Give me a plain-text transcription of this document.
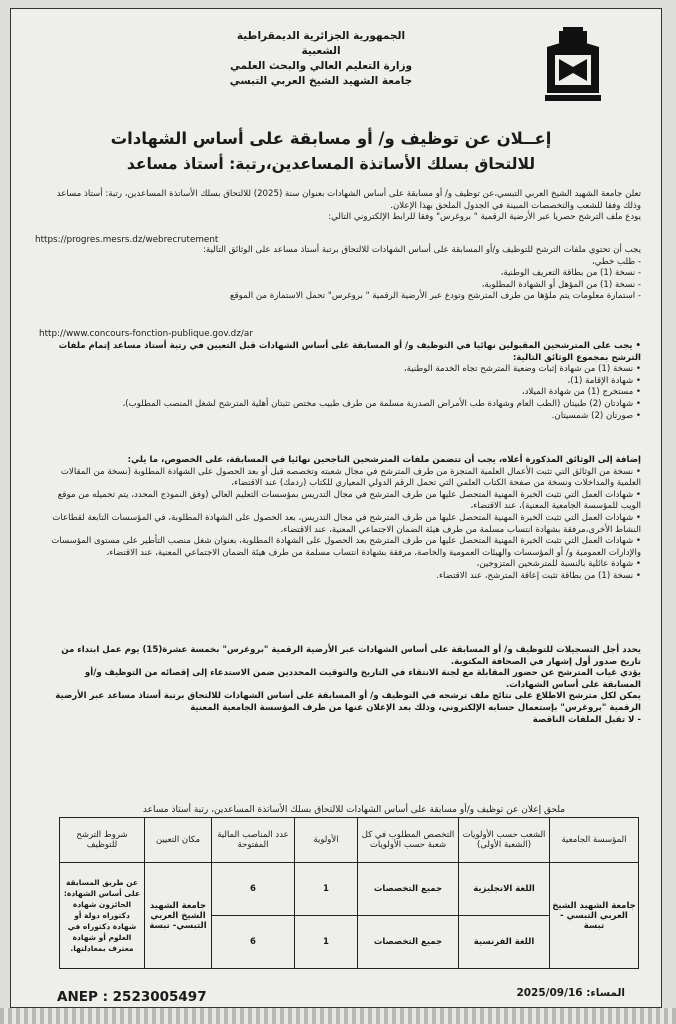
الجمهورية الجزائرية الديمقراطية الشعبية
وزارة التعليم العالي والبحث العلمي
جامعة الشهيد الشيخ العربي التبسي
إعــلان عن توظيف و/ أو مسابقة على أساس الشهادات
للالتحاق بسلك الأساتذة المساعدين،رتبة: أستاذ مساعد
تعلن جامعة الشهيد الشيخ العربي التبسي،عن توظيف و/ أو مسابقة على أساس الشهادات بعنوان سنة (2025) للالتحاق بسلك الأساتذة المساعدين، رتبة: أستاذ مساعد وذلك وفقا للشعب والتخصصات المبينة في الجدول الملحق بهذا الإعلان.
يودع ملف الترشح حصريا عبر الأرضية الرقمية " بروغرس" وفقا للرابط الإلكتروني التالي:
https://progres.mesrs.dz/webrecrutement
يجب أن تحتوي ملفات الترشح للتوظيف و/أو المسابقة على أساس الشهادات للالتحاق برتبة أستاذ مساعد على الوثائق التالية:
- طلب خطي،
- نسخة (1) من بطاقة التعريف الوطنية،
- نسخة (1) من المؤهل أو الشهادة المطلوبة،
- استمارة معلومات يتم ملؤها من طرف المترشح وتودع عبر الأرضية الرقمية " بروغرس" تحمل الاستمارة من الموقع
http://www.concours-fonction-publique.gov.dz/ar
• يجب على المترشحين المقبولين نهائيا في التوظيف و/ أو المسابقة على أساس الشهادات قبل التعيين في رتبة أستاذ مساعد إتمام ملفات الترشح بمجموع الوثائق التالية:
• نسخة (1) من شهادة إثبات وضعية المترشح تجاه الخدمة الوطنية،
• شهادة الإقامة (1)،
• مستخرج (1) من شهادة الميلاد،
• شهادتان (2) طبيتان (الطب العام وشهادة طب الأمراض الصدرية مسلمة من طرف طبيب مختص تثبتان أهلية المترشح لشغل المنصب المطلوب)،
• صورتان (2) شمسيتان.
إضافة إلى الوثائق المذكورة أعلاه، يجب أن تتضمن ملفات المترشحين الناجحين نهائيا في المسابقة، على الخصوص، ما يلي:
• نسخة من الوثائق التي تثبت الأعمال العلمية المنجزة من طرف المترشح في مجال شعبته وتخصصه قبل أو بعد الحصول على الشهادة المطلوبة (نسخة من المقالات العلمية والمداخلات ونسخة من صفحة الكتاب العلمي التي تحمل الرقم الدولي المعياري للكتاب (ردمك) عند الاقتضاء،
• شهادات العمل التي تثبت الخبرة المهنية المتحصل عليها من طرف المترشح في مجال التدريس بمؤسسات التعليم العالي (وفق النموذج المحدد، يتم تحميله من موقع الويب للمؤسسة الجامعية المعنية)، عند الاقتضاء،
• شهادات العمل التي تثبت الخبرة المهنية المتحصل عليها من طرف المترشح في مجال التدريس، بعد الحصول على الشهادة المطلوبة، في المؤسسات التابعة لقطاعات النشاط الأخرى،مرفقة بشهادة انتساب مسلمة من طرف هيئة الضمان الاجتماعي المعنية، عند الاقتضاء،
• شهادات العمل التي تثبت الخبرة المهنية المتحصل عليها من طرف المترشح بعد الحصول على الشهادة المطلوبة، بعنوان شغل منصب التأطير على مستوى المؤسسات والإدارات العمومية و/ أو المؤسسات والهيئات العمومية والخاصة، مرفقة بشهادة انتساب مسلمة من طرف هيئة الضمان الاجتماعي المعنية، عند الاقتضاء،
• شهادة عائلية بالنسبة للمترشحين المتزوجين،
• نسخة (1) من بطاقة تثبت إعاقة المترشح، عند الاقتضاء.
يحدد أجل التسجيلات للتوظيف و/ أو المسابقة على أساس الشهادات عبر الأرضية الرقمية "بروغرس" بخمسة عشرة(15) يوم عمل ابتداء من تاريخ صدور أول إشهار في الصحافة المكتوبة.
يؤدي غياب المترشح عن حضور المقابلة مع لجنة الانتقاء في التاريخ والتوقيت المحددين ضمن الاستدعاء إلى إقصائه من التوظيف و/أو المسابقة على أساس الشهادات.
يمكن لكل مترشح الاطلاع على نتائج ملف ترشحه في التوظيف و/ أو المسابقة على أساس الشهادات للالتحاق برتبة أستاذ مساعد عبر الأرضية الرقمية "بروغرس" بإستعمال حسابه الإلكتروني، وذلك بعد الإعلان عنها من طرف المؤسسة الجامعية المعنية
- لا تقبل الملفات الناقصة
ملحق إعلان عن توظيف و/أو مسابقة على أساس الشهادات للالتحاق بسلك الأساتذة المساعدين، رتبة أستاذ مساعد
المؤسسة الجامعية	الشعب حسب الأولويات (الشعبة الأولى)	التخصص المطلوب في كل شعبة حسب الأولويات	الأولوية	عدد المناصب المالية المفتوحة	مكان التعيين	شروط الترشح للتوظيف
جامعة الشهيد الشيخ العربي التبسي - تبسة	اللغة الانجليزية	جميع التخصصات	1	6	جامعة الشهيد الشيخ العربي التبسي- تبسة	عن طريق المسابقة على أساس الشهادة: الحائزون شهادة دكتوراه دولة أو شهادة دكتوراه في العلوم أو شهادة معترف بمعادلتها.
	اللغة الفرنسية	جميع التخصصات	1	6		
ANEP : 2523005497	المساء: 2025/09/16
